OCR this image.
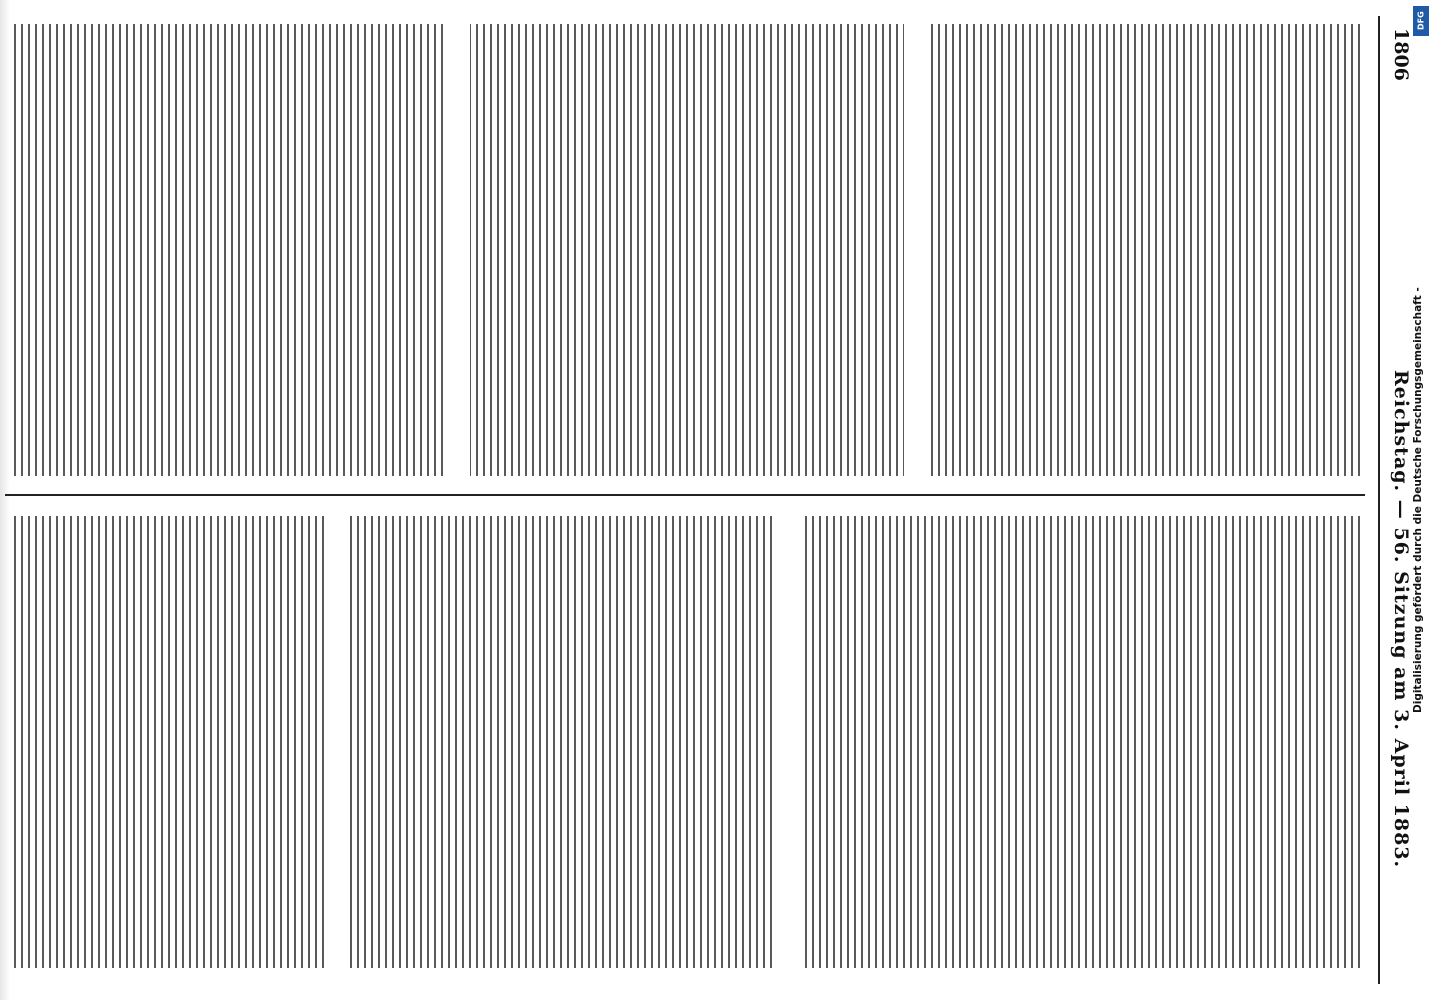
1806
Reichstag. — 56. Sitzung am 3. April 1883.
DFG
Digitalisierung gefördert durch die Deutsche Forschungsgemeinschaft -
